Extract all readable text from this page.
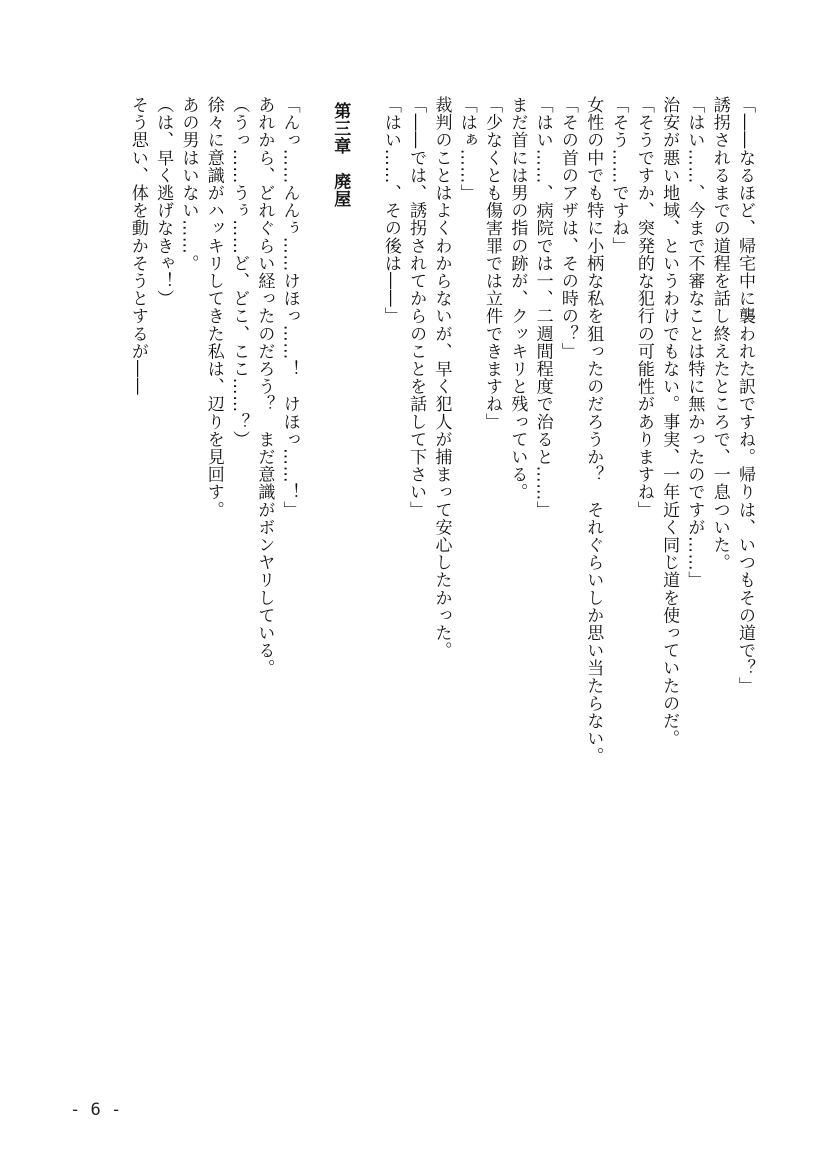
「――なるほど、帰宅中に襲われた訳ですね。帰りは、いつもその道で？」
誘拐されるまでの道程を話し終えたところで、一息ついた。
「はい……、今まで不審なことは特に無かったのですが……」
治安が悪い地域、というわけでもない。事実、一年近く同じ道を使っていたのだ。
「そうですか、突発的な犯行の可能性がありますね」
「そう……ですね」
女性の中でも特に小柄な私を狙ったのだろうか？　それぐらいしか思い当たらない。
「その首のアザは、その時の？」
「はい……、病院では一、二週間程度で治ると……」
まだ首には男の指の跡が、クッキリと残っている。
「少なくとも傷害罪では立件できますね」
「はぁ……」
裁判のことはよくわからないが、早く犯人が捕まって安心したかった。
「――では、誘拐されてからのことを話して下さい」
「はい……、その後は――」
第三章　廃屋
「んっ……んんぅ……けほっ……！　けほっ……！」
あれから、どれぐらい経ったのだろう？　まだ意識がボンヤリしている。
（うっ……うぅ……ど、どこ、ここ……？）
徐々に意識がハッキリしてきた私は、辺りを見回す。
あの男はいない……。
（は、早く逃げなきゃ！）
そう思い、体を動かそうとするが――
- 6 -
